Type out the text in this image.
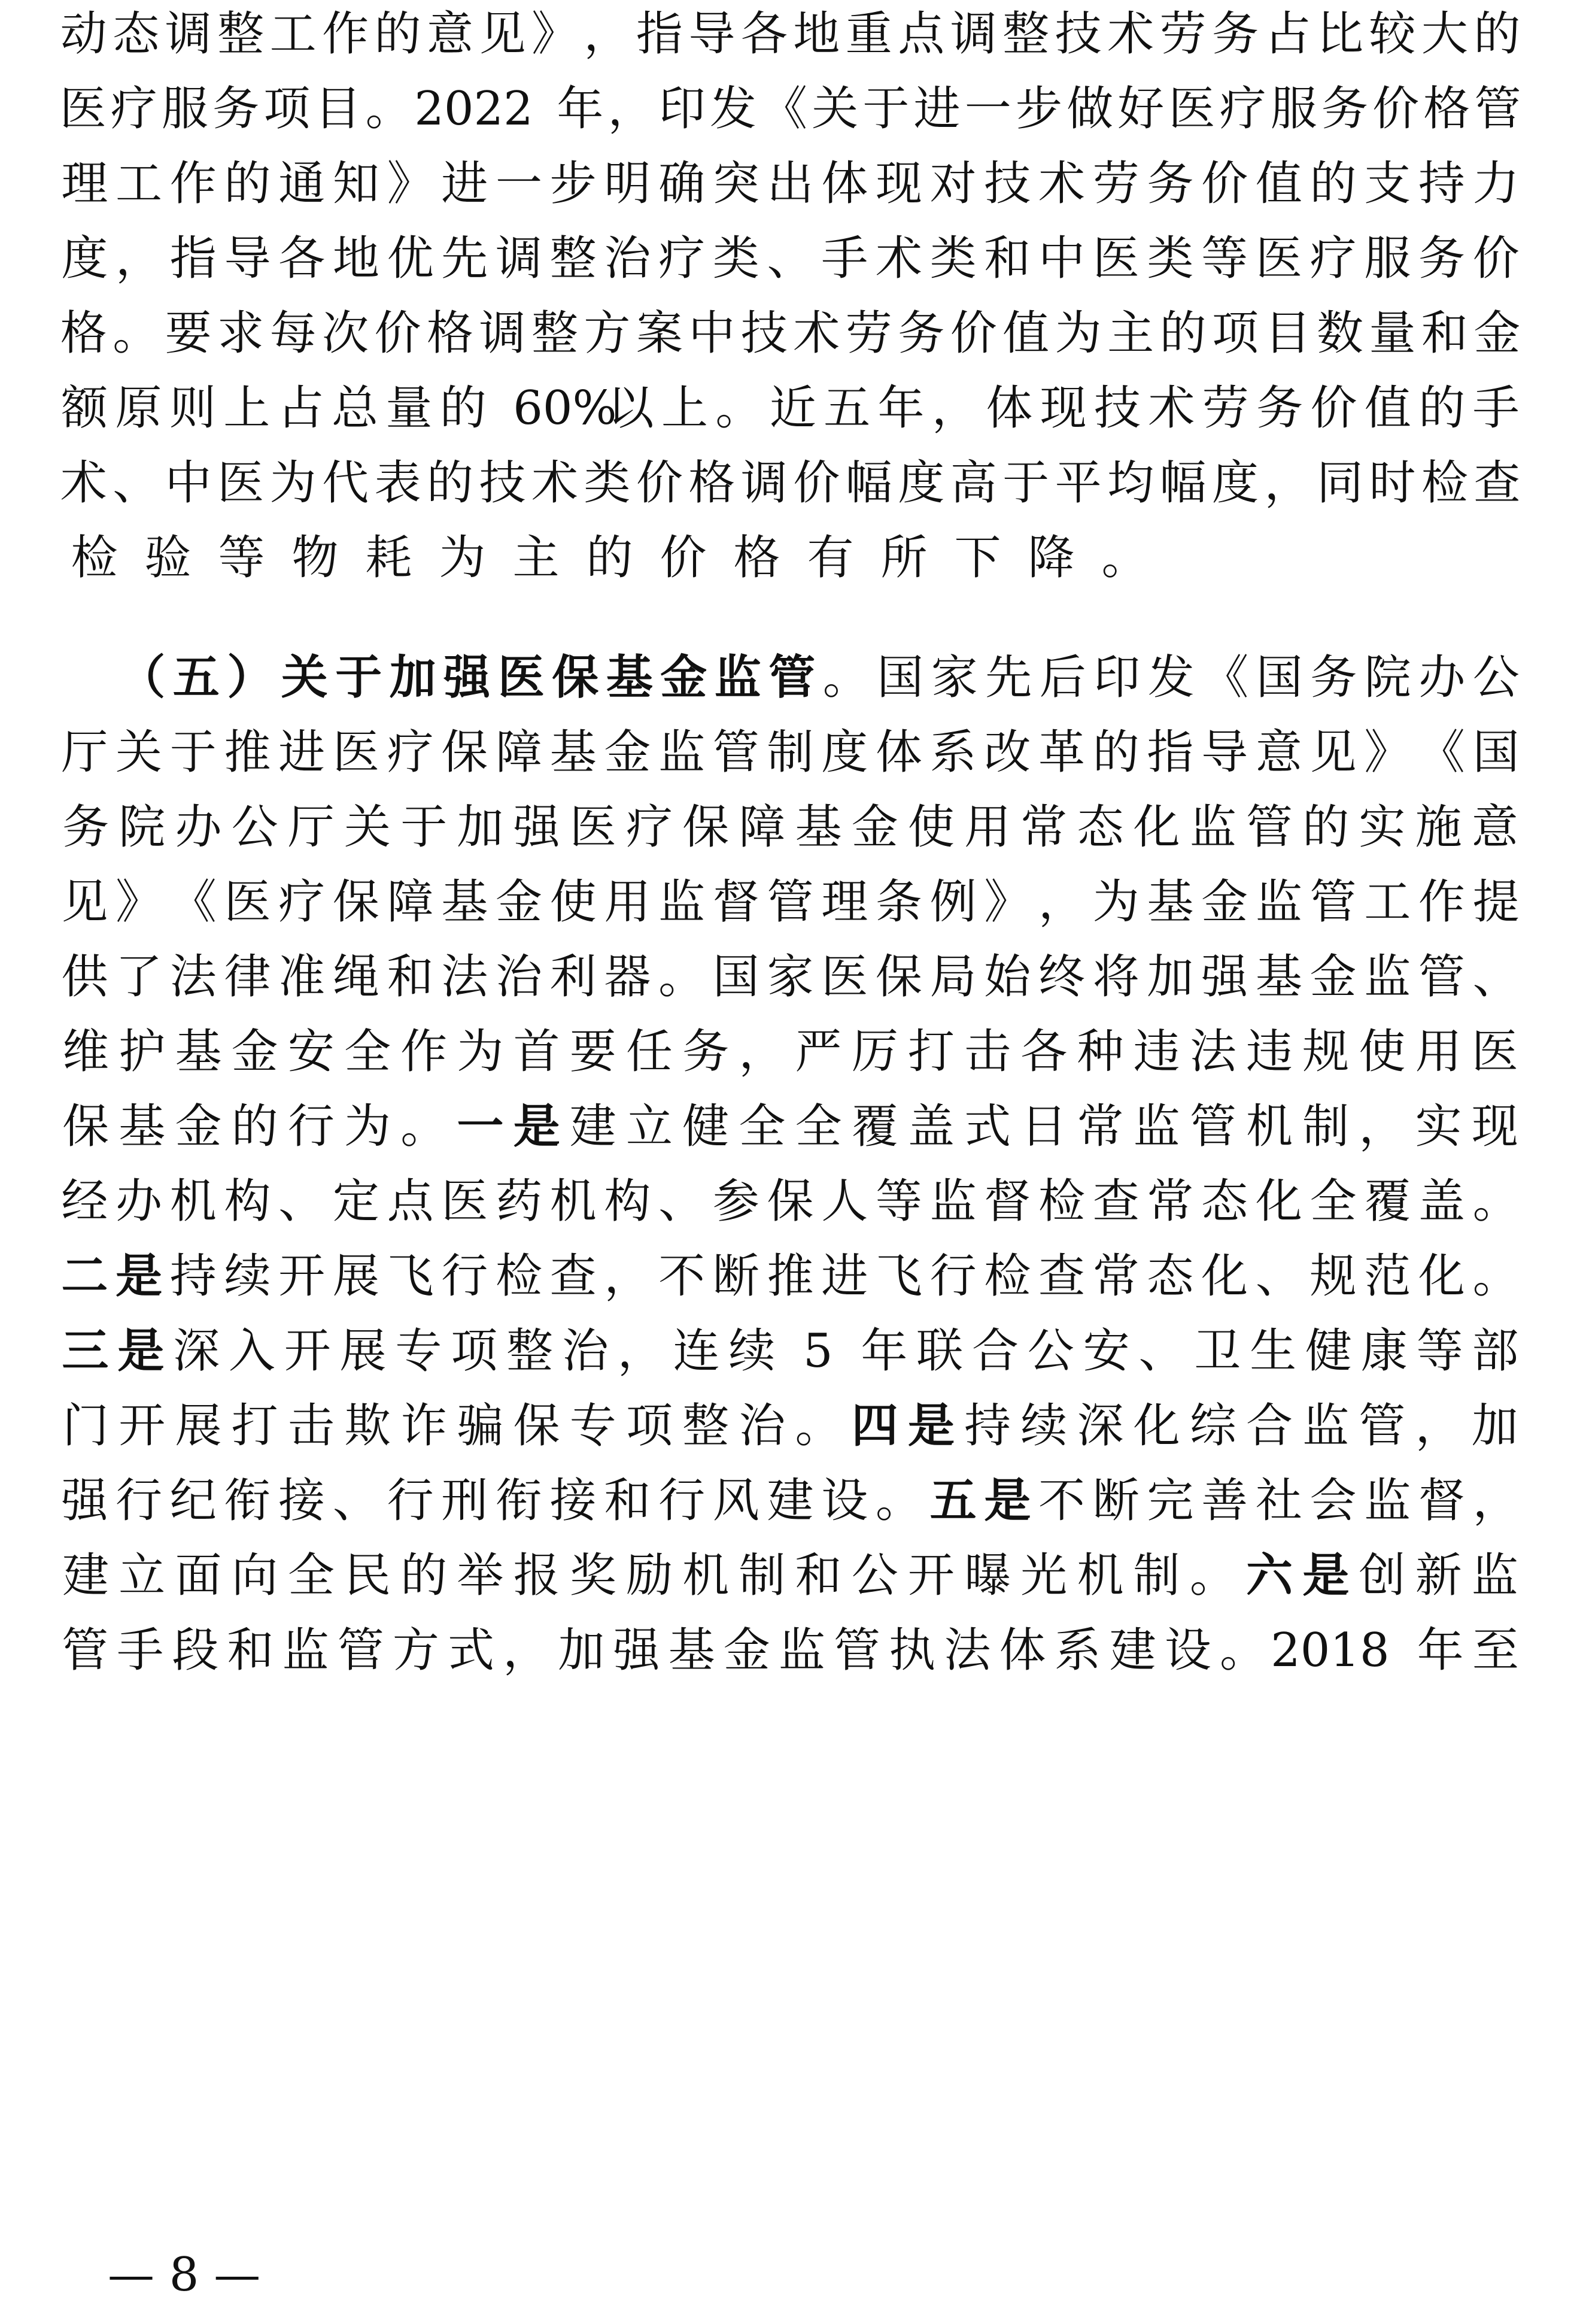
动 态 调 整 工 作 的 意 见 》 ， 指 导 各 地 重 点 调 整 技 术 劳 务 占 比 较 大 的
医 疗 服 务 项 目 。 2 0 2 2
年 ， 印 发 《 关 于 进 一 步 做 好 医 疗 服 务 价 格 管
理 工 作 的 通 知 》 进 一 步 明 确 突 出 体 现 对 技 术 劳 务 价 值 的 支 持 力
度 ， 指 导 各 地 优 先 调 整 治 疗 类 、 手 术 类 和 中 医 类 等 医 疗 服 务 价
格 。 要 求 每 次 价 格 调 整 方 案 中 技 术 劳 务 价 值 为 主 的 项 目 数 量 和 金
额 原 则 上 占 总 量 的
6 0 %
以 上 。 近 五 年 ， 体 现 技 术 劳 务 价 值 的 手
术 、 中 医 为 代 表 的 技 术 类 价 格 调 价 幅 度 高 于 平 均 幅 度 ， 同 时 检 查
检 验 等 物 耗 为 主 的 价 格 有 所 下 降 。
（ 五 ） 关 于 加 强 医 保 基 金 监 管 。 国 家 先 后 印 发 《 国 务 院 办 公
厅 关 于 推 进 医 疗 保 障 基 金 监 管 制 度 体 系 改 革 的 指 导 意 见 》 《 国
务 院 办 公 厅 关 于 加 强 医 疗 保 障 基 金 使 用 常 态 化 监 管 的 实 施 意
见 》 《 医 疗 保 障 基 金 使 用 监 督 管 理 条 例 》 ， 为 基 金 监 管 工 作 提
供 了 法 律 准 绳 和 法 治 利 器 。 国 家 医 保 局 始 终 将 加 强 基 金 监 管 、
维 护 基 金 安 全 作 为 首 要 任 务 ， 严 厉 打 击 各 种 违 法 违 规 使 用 医
保 基 金 的 行 为 。 一 是 建 立 健 全 全 覆 盖 式 日 常 监 管 机 制 ， 实 现
经 办 机 构 、 定 点 医 药 机 构 、 参 保 人 等 监 督 检 查 常 态 化 全 覆 盖 。
二 是 持 续 开 展 飞 行 检 查 ， 不 断 推 进 飞 行 检 查 常 态 化 、 规 范 化 。
三 是 深 入 开 展 专 项 整 治 ， 连 续
5
年 联 合 公 安 、 卫 生 健 康 等 部
门 开 展 打 击 欺 诈 骗 保 专 项 整 治 。 四 是 持 续 深 化 综 合 监 管 ， 加
强 行 纪 衔 接 、 行 刑 衔 接 和 行 风 建 设 。 五 是 不 断 完 善 社 会 监 督 ，
建 立 面 向 全 民 的 举 报 奖 励 机 制 和 公 开 曝 光 机 制 。 六 是 创 新 监
管 手 段 和 监 管 方 式 ， 加 强 基 金 监 管 执 法 体 系 建 设 。 2 0 1 8
年 至
— 8 —
